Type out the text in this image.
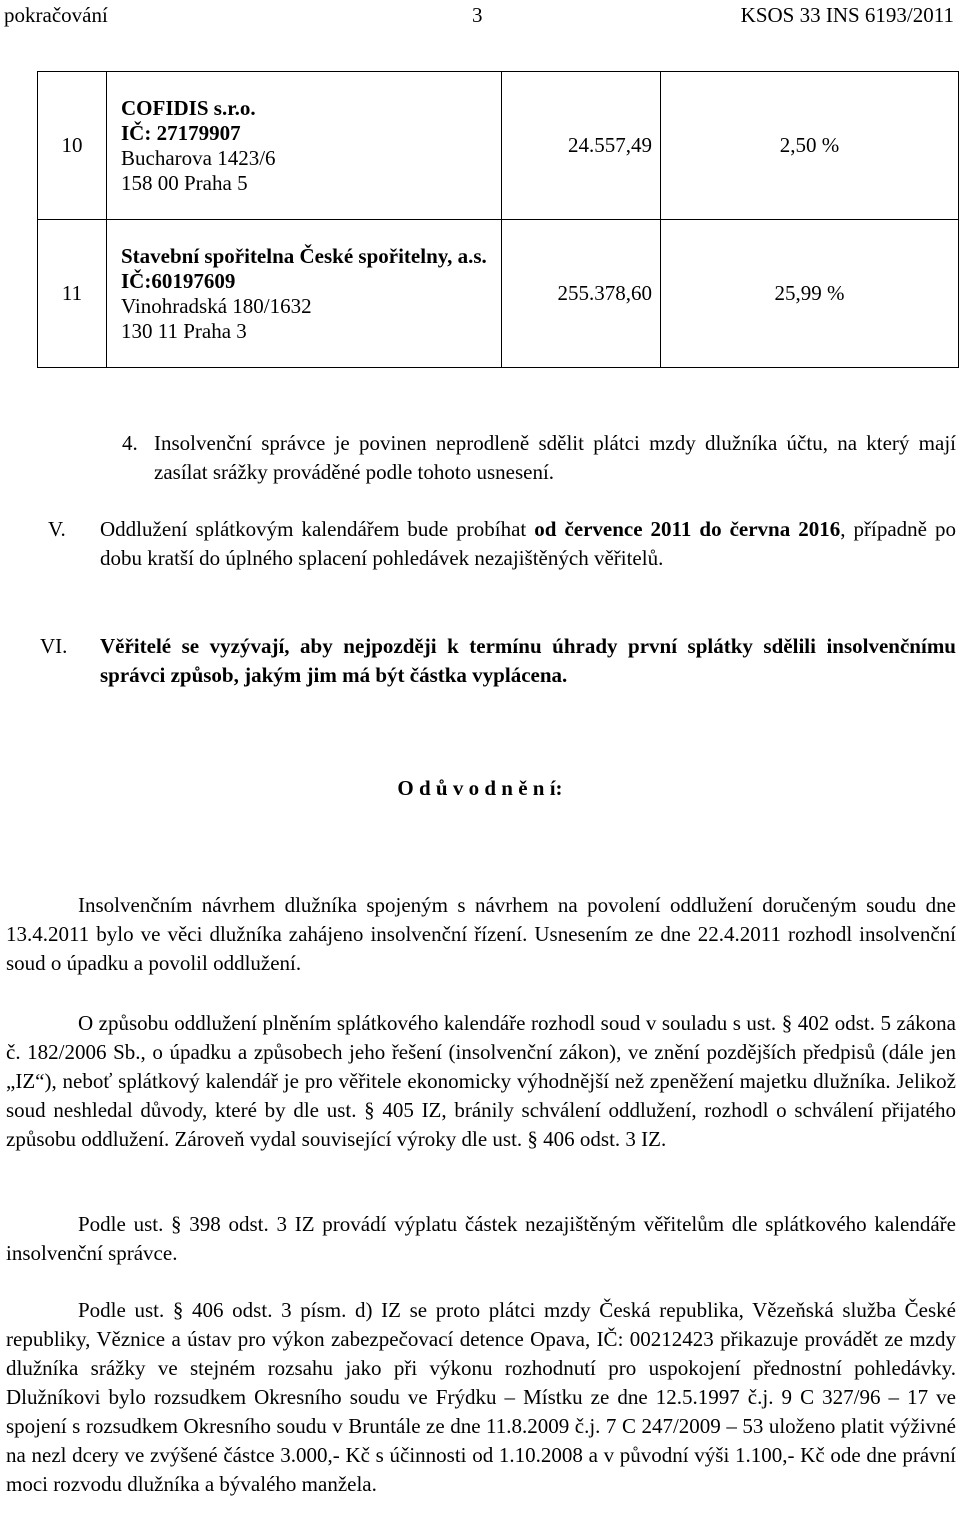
pokračování	3	KSOS 33 INS 6193/2011
10	COFIDIS s.r.o.
IČ: 27179907
Bucharova 1423/6
158 00 Praha 5	24.557,49	2,50 %
11	Stavební spořitelna České spořitelny, a.s.
IČ:60197609
Vinohradská 180/1632
130 11 Praha 3	255.378,60	25,99 %
4. Insolvenční správce je povinen neprodleně sdělit plátci mzdy dlužníka účtu, na který mají zasílat srážky prováděné podle tohoto usnesení.
V. Oddlužení splátkovým kalendářem bude probíhat od července 2011 do června 2016, případně po dobu kratší do úplného splacení pohledávek nezajištěných věřitelů.
VI. Věřitelé se vyzývají, aby nejpozději k termínu úhrady první splátky sdělili insolvenčnímu správci způsob, jakým jim má být částka vyplácena.
O d ů v o d n ě n í:
Insolvenčním návrhem dlužníka spojeným s návrhem na povolení oddlužení doručeným soudu dne 13.4.2011 bylo ve věci dlužníka zahájeno insolvenční řízení. Usnesením ze dne 22.4.2011 rozhodl insolvenční soud o úpadku a povolil oddlužení.
O způsobu oddlužení plněním splátkového kalendáře rozhodl soud v souladu s ust. § 402 odst. 5 zákona č. 182/2006 Sb., o úpadku a způsobech jeho řešení (insolvenční zákon), ve znění pozdějších předpisů (dále jen „IZ“), neboť splátkový kalendář je pro věřitele ekonomicky výhodnější než zpeněžení majetku dlužníka. Jelikož soud neshledal důvody, které by dle ust. § 405 IZ, bránily schválení oddlužení, rozhodl o schválení přijatého způsobu oddlužení. Zároveň vydal související výroky dle ust. § 406 odst. 3 IZ.
Podle ust. § 398 odst. 3 IZ provádí výplatu částek nezajištěným věřitelům dle splátkového kalendáře insolvenční správce.
Podle ust. § 406 odst. 3 písm. d) IZ se proto plátci mzdy Česká republika, Vězeňská služba České republiky, Věznice a ústav pro výkon zabezpečovací detence Opava, IČ: 00212423 přikazuje provádět ze mzdy dlužníka srážky ve stejném rozsahu jako při výkonu rozhodnutí pro uspokojení přednostní pohledávky. Dlužníkovi bylo rozsudkem Okresního soudu ve Frýdku – Místku ze dne 12.5.1997 č.j. 9 C 327/96 – 17 ve spojení s rozsudkem Okresního soudu v Bruntále ze dne 11.8.2009 č.j. 7 C 247/2009 – 53 uloženo platit výživné na nezl dcery ve zvýšené částce 3.000,- Kč s účinnosti od 1.10.2008 a v původní výši 1.100,- Kč ode dne právní moci rozvodu dlužníka a bývalého manžela.
